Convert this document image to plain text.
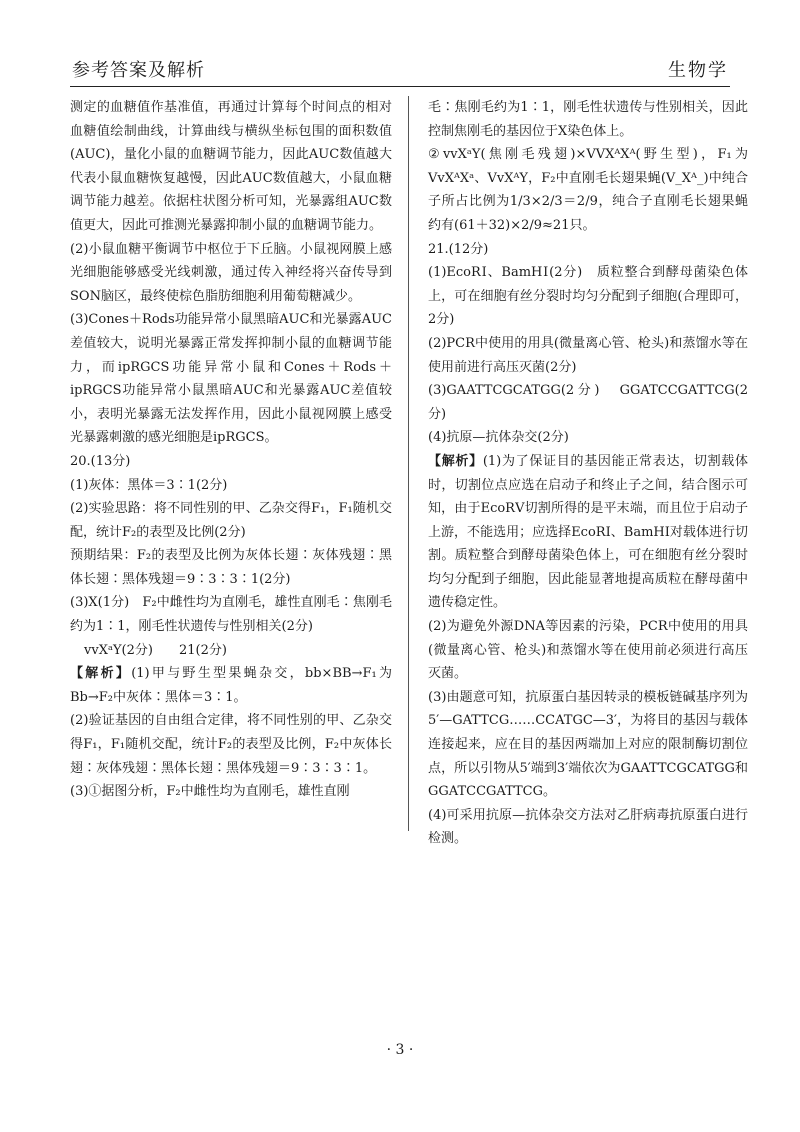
参考答案及解析	生物学

测定的血糖值作基准值，再通过计算每个时间点的相对血糖值绘制曲线，计算曲线与横纵坐标包围的面积数值(AUC)，量化小鼠的血糖调节能力，因此AUC数值越大代表小鼠血糖恢复越慢，因此AUC数值越大，小鼠血糖调节能力越差。依据柱状图分析可知，光暴露组AUC数值更大，因此可推测光暴露抑制小鼠的血糖调节能力。

(2)小鼠血糖平衡调节中枢位于下丘脑。小鼠视网膜上感光细胞能够感受光线刺激，通过传入神经将兴奋传导到SON脑区，最终使棕色脂肪细胞利用葡萄糖减少。

(3)Cones＋Rods功能异常小鼠黑暗AUC和光暴露AUC差值较大，说明光暴露正常发挥抑制小鼠的血糖调节能力，而ipRGCS功能异常小鼠和Cones＋Rods＋ipRGCS功能异常小鼠黑暗AUC和光暴露AUC差值较小，表明光暴露无法发挥作用，因此小鼠视网膜上感受光暴露刺激的感光细胞是ipRGCS。

20.(13分)

(1)灰体：黑体＝3∶1(2分)

(2)实验思路：将不同性别的甲、乙杂交得F₁，F₁随机交配，统计F₂的表型及比例(2分)

预期结果：F₂的表型及比例为灰体长翅∶灰体残翅∶黑体长翅∶黑体残翅＝9∶3∶3∶1(2分)

(3)X(1分)　F₂中雌性均为直刚毛，雄性直刚毛∶焦刚毛约为1∶1，刚毛性状遗传与性别相关(2分)

vvXᵃY(2分) 21(2分)

【解析】(1)甲与野生型果蝇杂交，bb×BB→F₁为Bb→F₂中灰体∶黑体＝3∶1。

(2)验证基因的自由组合定律，将不同性别的甲、乙杂交得F₁，F₁随机交配，统计F₂的表型及比例，F₂中灰体长翅∶灰体残翅∶黑体长翅∶黑体残翅＝9∶3∶3∶1。

(3)①据图分析，F₂中雌性均为直刚毛，雄性直刚

毛∶焦刚毛约为1∶1，刚毛性状遗传与性别相关，因此控制焦刚毛的基因位于X染色体上。

②vvXᵃY(焦刚毛残翅)×VVXᴬXᴬ(野生型)，F₁为VvXᴬXᵃ、VvXᴬY，F₂中直刚毛长翅果蝇(V_Xᴬ_)中纯合子所占比例为1/3×2/3＝2/9，纯合子直刚毛长翅果蝇约有(61＋32)×2/9≈21只。

21.(12分)

(1)EcoRⅠ、BamHⅠ(2分)　质粒整合到酵母菌染色体上，可在细胞有丝分裂时均匀分配到子细胞(合理即可，2分)

(2)PCR中使用的用具(微量离心管、枪头)和蒸馏水等在使用前进行高压灭菌(2分)

(3)GAATTCGCATGG(2分)　GGATCCGATTCG(2分)

(4)抗原—抗体杂交(2分)

【解析】(1)为了保证目的基因能正常表达，切割载体时，切割位点应选在启动子和终止子之间，结合图示可知，由于EcoRⅤ切割所得的是平末端，而且位于启动子上游，不能选用；应选择EcoRⅠ、BamHⅠ对载体进行切割。质粒整合到酵母菌染色体上，可在细胞有丝分裂时均匀分配到子细胞，因此能显著地提高质粒在酵母菌中遗传稳定性。

(2)为避免外源DNA等因素的污染，PCR中使用的用具(微量离心管、枪头)和蒸馏水等在使用前必须进行高压灭菌。

(3)由题意可知，抗原蛋白基因转录的模板链碱基序列为5′—GATTCG……CCATGC—3′，为将目的基因与载体连接起来，应在目的基因两端加上对应的限制酶切割位点，所以引物从5′端到3′端依次为GAATTCGCATGG和GGATCCGATTCG。

(4)可采用抗原—抗体杂交方法对乙肝病毒抗原蛋白进行检测。

· 3 ·
